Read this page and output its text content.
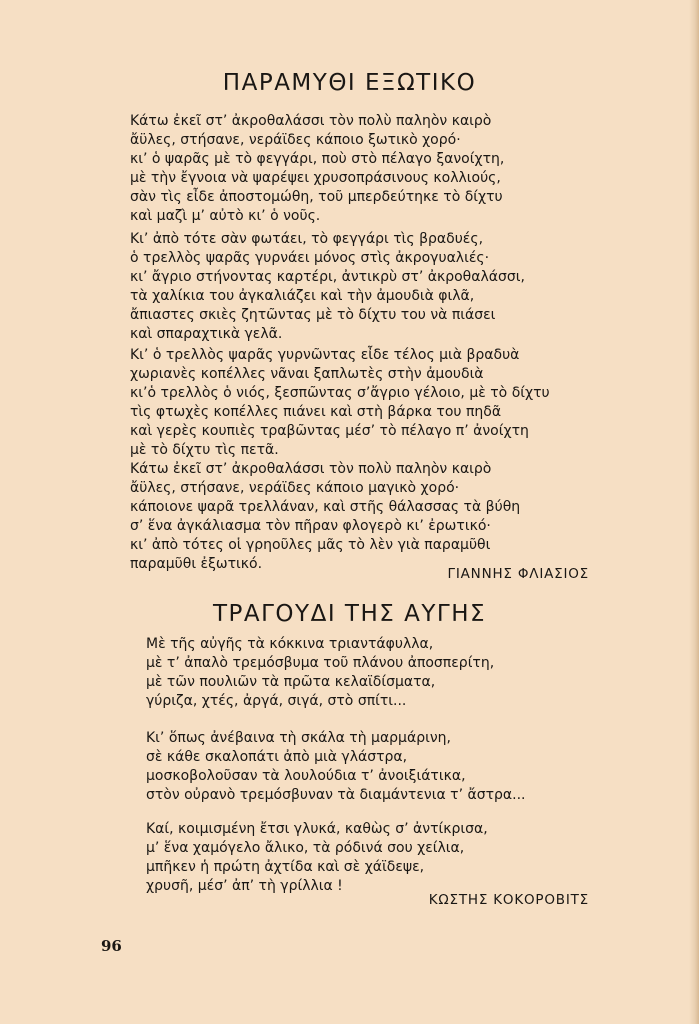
ΠΑΡΑΜΥΘΙ ΕΞΩΤΙΚΟ
Κάτω ἐκεῖ στ’ ἀκροθαλάσσι τὸν πολὺ παληὸν καιρὸ
ἄϋλες, στήσανε, νεράϊδες κάποιο ξωτικὸ χορό·
κι’ ὁ ψαρᾶς μὲ τὸ φεγγάρι, ποὺ στὸ πέλαγο ξανοίχτη,
μὲ τὴν ἔγνοια νὰ ψαρέψει χρυσοπράσινους κολλιούς,
σὰν τὶς εἶδε ἀποστομώθη, τοῦ μπερδεύτηκε τὸ δίχτυ
καὶ μαζὶ μ’ αὐτὸ κι’ ὁ νοῦς.
Κι’ ἀπὸ τότε σὰν φωτάει, τὸ φεγγάρι τὶς βραδυές,
ὁ τρελλὸς ψαρᾶς γυρνάει μόνος στὶς ἀκρογυαλιές·
κι’ ἄγριο στήνοντας καρτέρι, ἀντικρὺ στ’ ἀκροθαλάσσι,
τὰ χαλίκια του ἀγκαλιάζει καὶ τὴν ἀμουδιὰ φιλᾶ,
ἄπιαστες σκιὲς ζητῶντας μὲ τὸ δίχτυ του νὰ πιάσει
καὶ σπαραχτικὰ γελᾶ.
Κι’ ὁ τρελλὸς ψαρᾶς γυρνῶντας εἶδε τέλος μιὰ βραδυὰ
χωριανὲς κοπέλλες νᾶναι ξαπλωτὲς στὴν ἀμουδιὰ
κι’ὁ τρελλὸς ὁ νιός, ξεσπῶντας σ’ἄγριο γέλοιο, μὲ τὸ δίχτυ
τὶς φτωχὲς κοπέλλες πιάνει καὶ στὴ βάρκα του πηδᾶ
καὶ γερὲς κουπιὲς τραβῶντας μέσ’ τὸ πέλαγο π’ ἀνοίχτη
μὲ τὸ δίχτυ τὶς πετᾶ.
Κάτω ἐκεῖ στ’ ἀκροθαλάσσι τὸν πολὺ παληὸν καιρὸ
ἄϋλες, στήσανε, νεράϊδες κάποιο μαγικὸ χορό·
κάποιονε ψαρᾶ τρελλάναν, καὶ στῆς θάλασσας τὰ βύθη
σ’ ἕνα ἀγκάλιασμα τὸν πῆραν φλογερὸ κι’ ἐρωτικό·
κι’ ἀπὸ τότες οἱ γρηοῦλες μᾶς τὸ λὲν γιὰ παραμῦθι
παραμῦθι ἐξωτικό.
ΓΙΑΝΝΗΣ ΦΛΙΑΣΙΟΣ
ΤΡΑΓΟΥΔΙ ΤΗΣ ΑΥΓΗΣ
Μὲ τῆς αὐγῆς τὰ κόκκινα τριαντάφυλλα,
μὲ τ’ ἀπαλὸ τρεμόσβυμα τοῦ πλάνου ἀποσπερίτη,
μὲ τῶν πουλιῶν τὰ πρῶτα κελαϊδίσματα,
γύριζα, χτές, ἀργά, σιγά, στὸ σπίτι...
Κι’ ὅπως ἀνέβαινα τὴ σκάλα τὴ μαρμάρινη,
σὲ κάθε σκαλοπάτι ἀπὸ μιὰ γλάστρα,
μοσκοβολοῦσαν τὰ λουλούδια τ’ ἀνοιξιάτικα,
στὸν οὐρανὸ τρεμόσβυναν τὰ διαμάντενια τ’ ἄστρα...
Καί, κοιμισμένη ἔτσι γλυκά, καθὼς σ’ ἀντίκρισα,
μ’ ἕνα χαμόγελο ἄλικο, τὰ ρόδινά σου χείλια,
μπῆκεν ἡ πρώτη ἀχτίδα καὶ σὲ χάϊδεψε,
χρυσῆ, μέσ’ ἀπ’ τὴ γρίλλια !
ΚΩΣΤΗΣ ΚΟΚΟΡΟΒΙΤΣ
96
